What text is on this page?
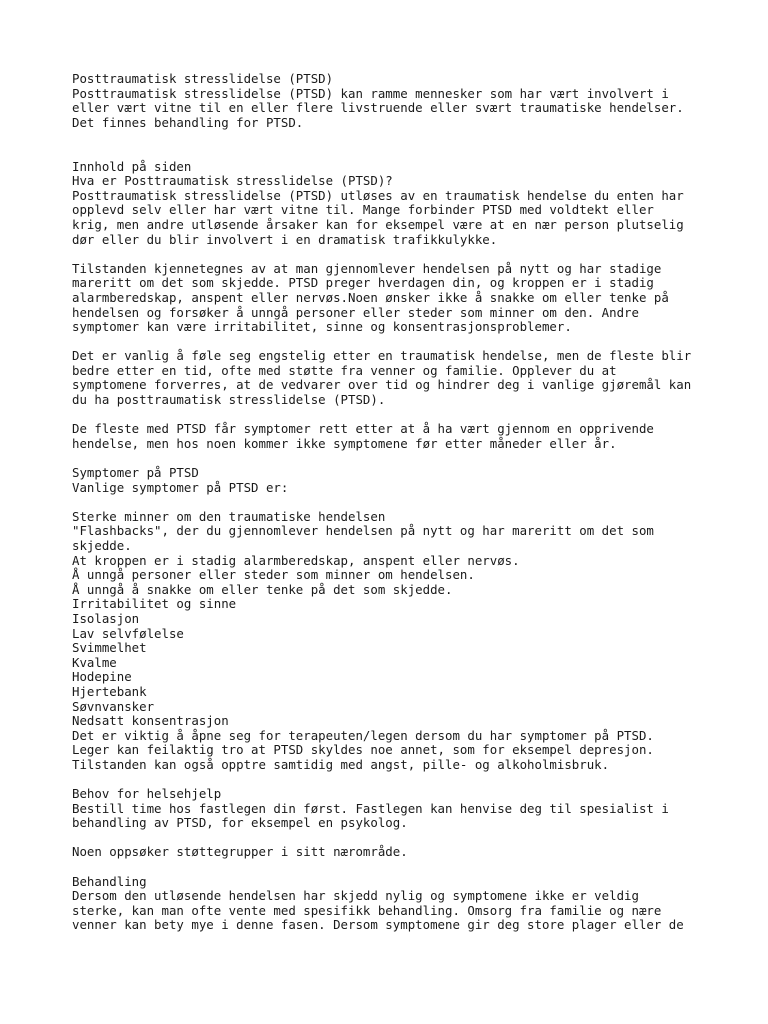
Posttraumatisk stresslidelse (PTSD)
Posttraumatisk stresslidelse (PTSD) kan ramme mennesker som har vært involvert i
eller vært vitne til en eller flere livstruende eller svært traumatiske hendelser.
Det finnes behandling for PTSD.
Innhold på siden
Hva er Posttraumatisk stresslidelse (PTSD)?
Posttraumatisk stresslidelse (PTSD) utløses av en traumatisk hendelse du enten har
opplevd selv eller har vært vitne til. Mange forbinder PTSD med voldtekt eller
krig, men andre utløsende årsaker kan for eksempel være at en nær person plutselig
dør eller du blir involvert i en dramatisk trafikkulykke.
Tilstanden kjennetegnes av at man gjennomlever hendelsen på nytt og har stadige
mareritt om det som skjedde. PTSD preger hverdagen din, og kroppen er i stadig
alarmberedskap, anspent eller nervøs.Noen ønsker ikke å snakke om eller tenke på
hendelsen og forsøker å unngå personer eller steder som minner om den. Andre
symptomer kan være irritabilitet, sinne og konsentrasjonsproblemer.
Det er vanlig å føle seg engstelig etter en traumatisk hendelse, men de fleste blir
bedre etter en tid, ofte med støtte fra venner og familie. Opplever du at
symptomene forverres, at de vedvarer over tid og hindrer deg i vanlige gjøremål kan
du ha posttraumatisk stresslidelse (PTSD).
De fleste med PTSD får symptomer rett etter at å ha vært gjennom en opprivende
hendelse, men hos noen kommer ikke symptomene før etter måneder eller år.
Symptomer på PTSD
Vanlige symptomer på PTSD er:
Sterke minner om den traumatiske hendelsen
"Flashbacks", der du gjennomlever hendelsen på nytt og har mareritt om det som
skjedde.
At kroppen er i stadig alarmberedskap, anspent eller nervøs.
Å unngå personer eller steder som minner om hendelsen.
Å unngå å snakke om eller tenke på det som skjedde.
Irritabilitet og sinne
Isolasjon
Lav selvfølelse
Svimmelhet
Kvalme
Hodepine
Hjertebank
Søvnvansker
Nedsatt konsentrasjon
Det er viktig å åpne seg for terapeuten/legen dersom du har symptomer på PTSD.
Leger kan feilaktig tro at PTSD skyldes noe annet, som for eksempel depresjon.
Tilstanden kan også opptre samtidig med angst, pille- og alkoholmisbruk.
Behov for helsehjelp
Bestill time hos fastlegen din først. Fastlegen kan henvise deg til spesialist i
behandling av PTSD, for eksempel en psykolog.
Noen oppsøker støttegrupper i sitt nærområde.
Behandling
Dersom den utløsende hendelsen har skjedd nylig og symptomene ikke er veldig
sterke, kan man ofte vente med spesifikk behandling. Omsorg fra familie og nære
venner kan bety mye i denne fasen. Dersom symptomene gir deg store plager eller de
